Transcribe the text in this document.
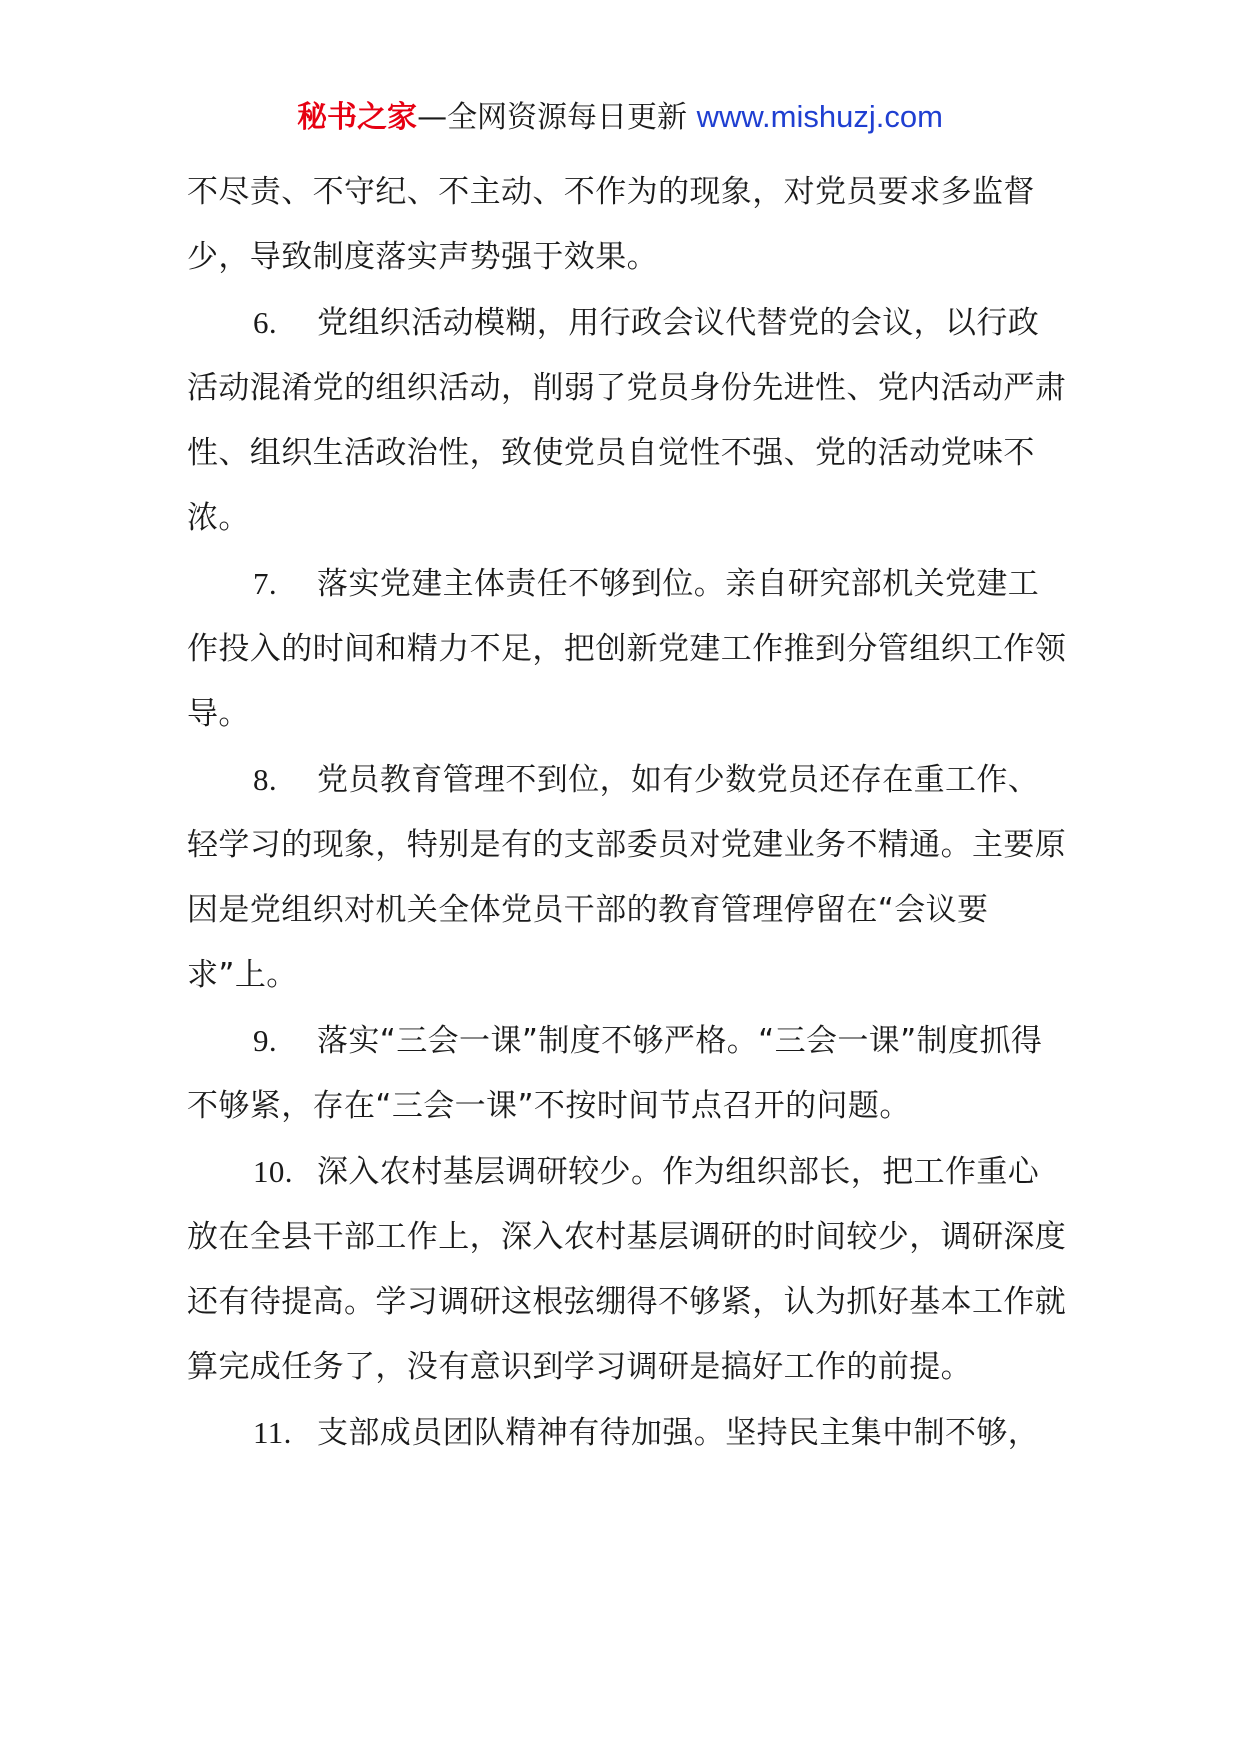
秘书之家—全网资源每日更新 www.mishuzj.com

不尽责、不守纪、不主动、不作为的现象，对党员要求多监督少，导致制度落实声势强于效果。

6. 党组织活动模糊，用行政会议代替党的会议，以行政活动混淆党的组织活动，削弱了党员身份先进性、党内活动严肃性、组织生活政治性，致使党员自觉性不强、党的活动党味不浓。

7. 落实党建主体责任不够到位。亲自研究部机关党建工作投入的时间和精力不足，把创新党建工作推到分管组织工作领导。

8. 党员教育管理不到位，如有少数党员还存在重工作、轻学习的现象，特别是有的支部委员对党建业务不精通。主要原因是党组织对机关全体党员干部的教育管理停留在“会议要求”上。

9. 落实“三会一课”制度不够严格。“三会一课”制度抓得不够紧，存在“三会一课”不按时间节点召开的问题。

10. 深入农村基层调研较少。作为组织部长，把工作重心放在全县干部工作上，深入农村基层调研的时间较少，调研深度还有待提高。学习调研这根弦绷得不够紧，认为抓好基本工作就算完成任务了，没有意识到学习调研是搞好工作的前提。

11. 支部成员团队精神有待加强。坚持民主集中制不够，
